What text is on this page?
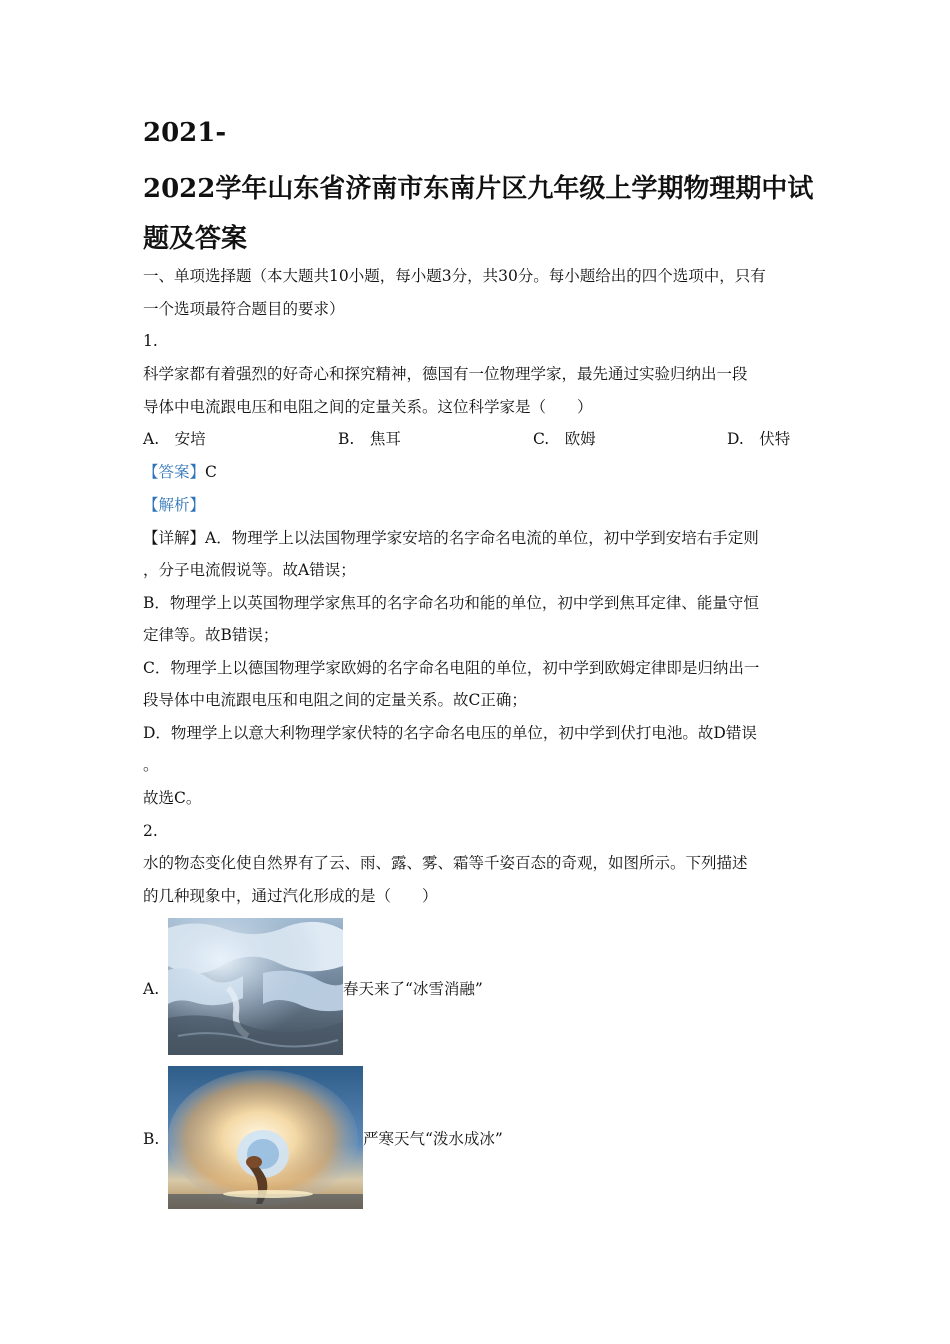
2021-
2022学年山东省济南市东南片区九年级上学期物理期中试
题及答案
一、单项选择题（本大题共10小题，每小题3分，共30分。每小题给出的四个选项中，只有
一个选项最符合题目的要求）
1.
科学家都有着强烈的好奇心和探究精神，德国有一位物理学家，最先通过实验归纳出一段
导体中电流跟电压和电阻之间的定量关系。这位科学家是（　　）
A.　安培	B.　焦耳	C.　欧姆	D.　伏特
【答案】C
【解析】
【详解】A．物理学上以法国物理学家安培的名字命名电流的单位，初中学到安培右手定则
，分子电流假说等。故A错误；
B．物理学上以英国物理学家焦耳的名字命名功和能的单位，初中学到焦耳定律、能量守恒
定律等。故B错误；
C．物理学上以德国物理学家欧姆的名字命名电阻的单位，初中学到欧姆定律即是归纳出一
段导体中电流跟电压和电阻之间的定量关系。故C正确；
D．物理学上以意大利物理学家伏特的名字命名电压的单位，初中学到伏打电池。故D错误
。
故选C。
2.
水的物态变化使自然界有了云、雨、露、雾、霜等千姿百态的奇观，如图所示。下列描述
的几种现象中，通过汽化形成的是（　　）
A.	春天来了“冰雪消融”
B.	严寒天气“泼水成冰”
